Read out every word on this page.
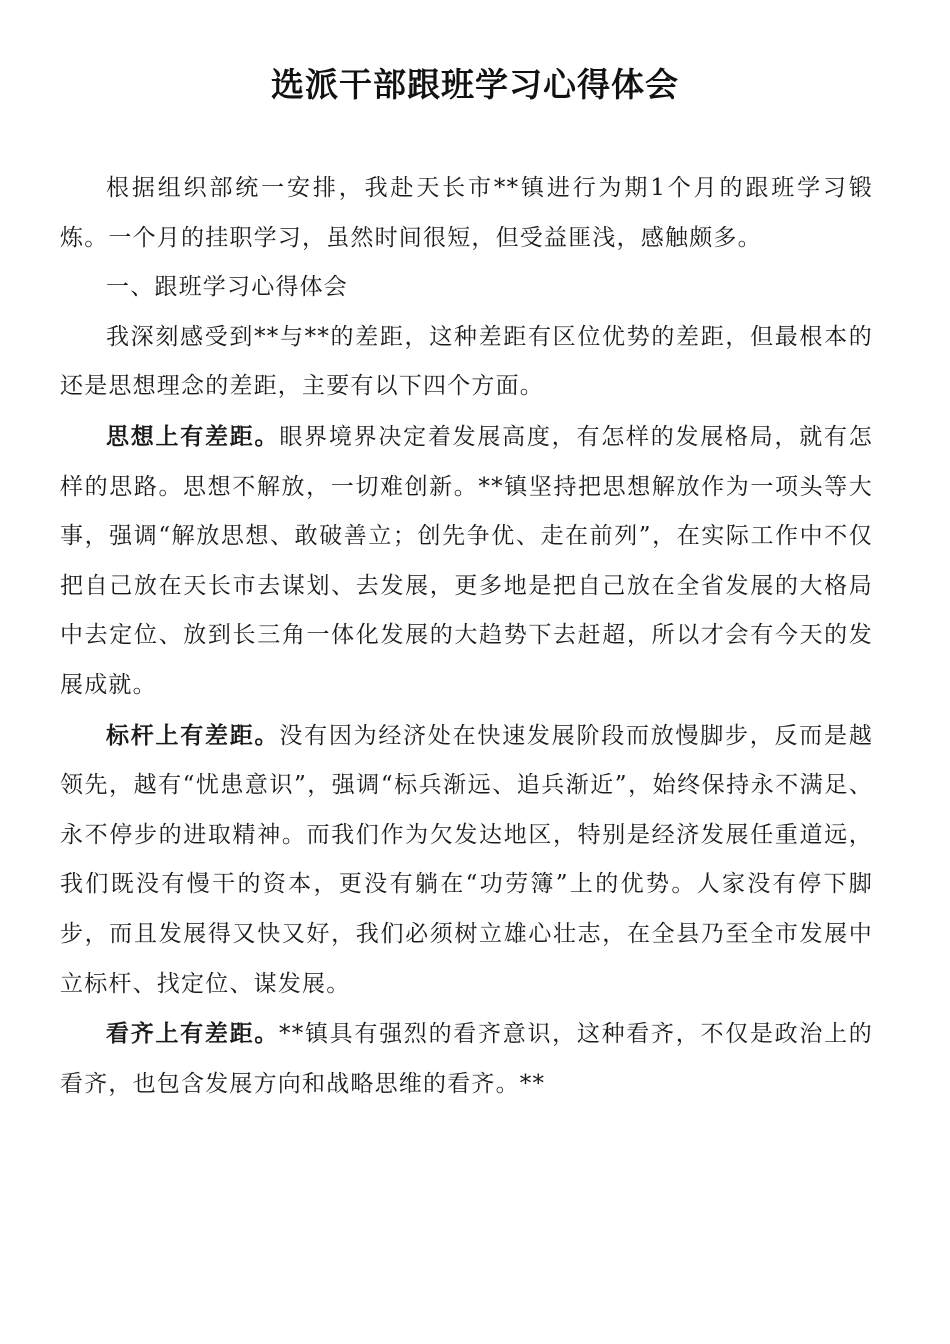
选派干部跟班学习心得体会

根据组织部统一安排，我赴天长市**镇进行为期1个月的跟班学习锻炼。一个月的挂职学习，虽然时间很短，但受益匪浅，感触颇多。

一、跟班学习心得体会

我深刻感受到**与**的差距，这种差距有区位优势的差距，但最根本的还是思想理念的差距，主要有以下四个方面。

思想上有差距。眼界境界决定着发展高度，有怎样的发展格局，就有怎样的思路。思想不解放，一切难创新。**镇坚持把思想解放作为一项头等大事，强调“解放思想、敢破善立；创先争优、走在前列”，在实际工作中不仅把自己放在天长市去谋划、去发展，更多地是把自己放在全省发展的大格局中去定位、放到长三角一体化发展的大趋势下去赶超，所以才会有今天的发展成就。

标杆上有差距。没有因为经济处在快速发展阶段而放慢脚步，反而是越领先，越有“忧患意识”，强调“标兵渐远、追兵渐近”，始终保持永不满足、永不停步的进取精神。而我们作为欠发达地区，特别是经济发展任重道远，我们既没有慢干的资本，更没有躺在“功劳簿”上的优势。人家没有停下脚步，而且发展得又快又好，我们必须树立雄心壮志，在全县乃至全市发展中立标杆、找定位、谋发展。

看齐上有差距。**镇具有强烈的看齐意识，这种看齐，不仅是政治上的看齐，也包含发展方向和战略思维的看齐。**
